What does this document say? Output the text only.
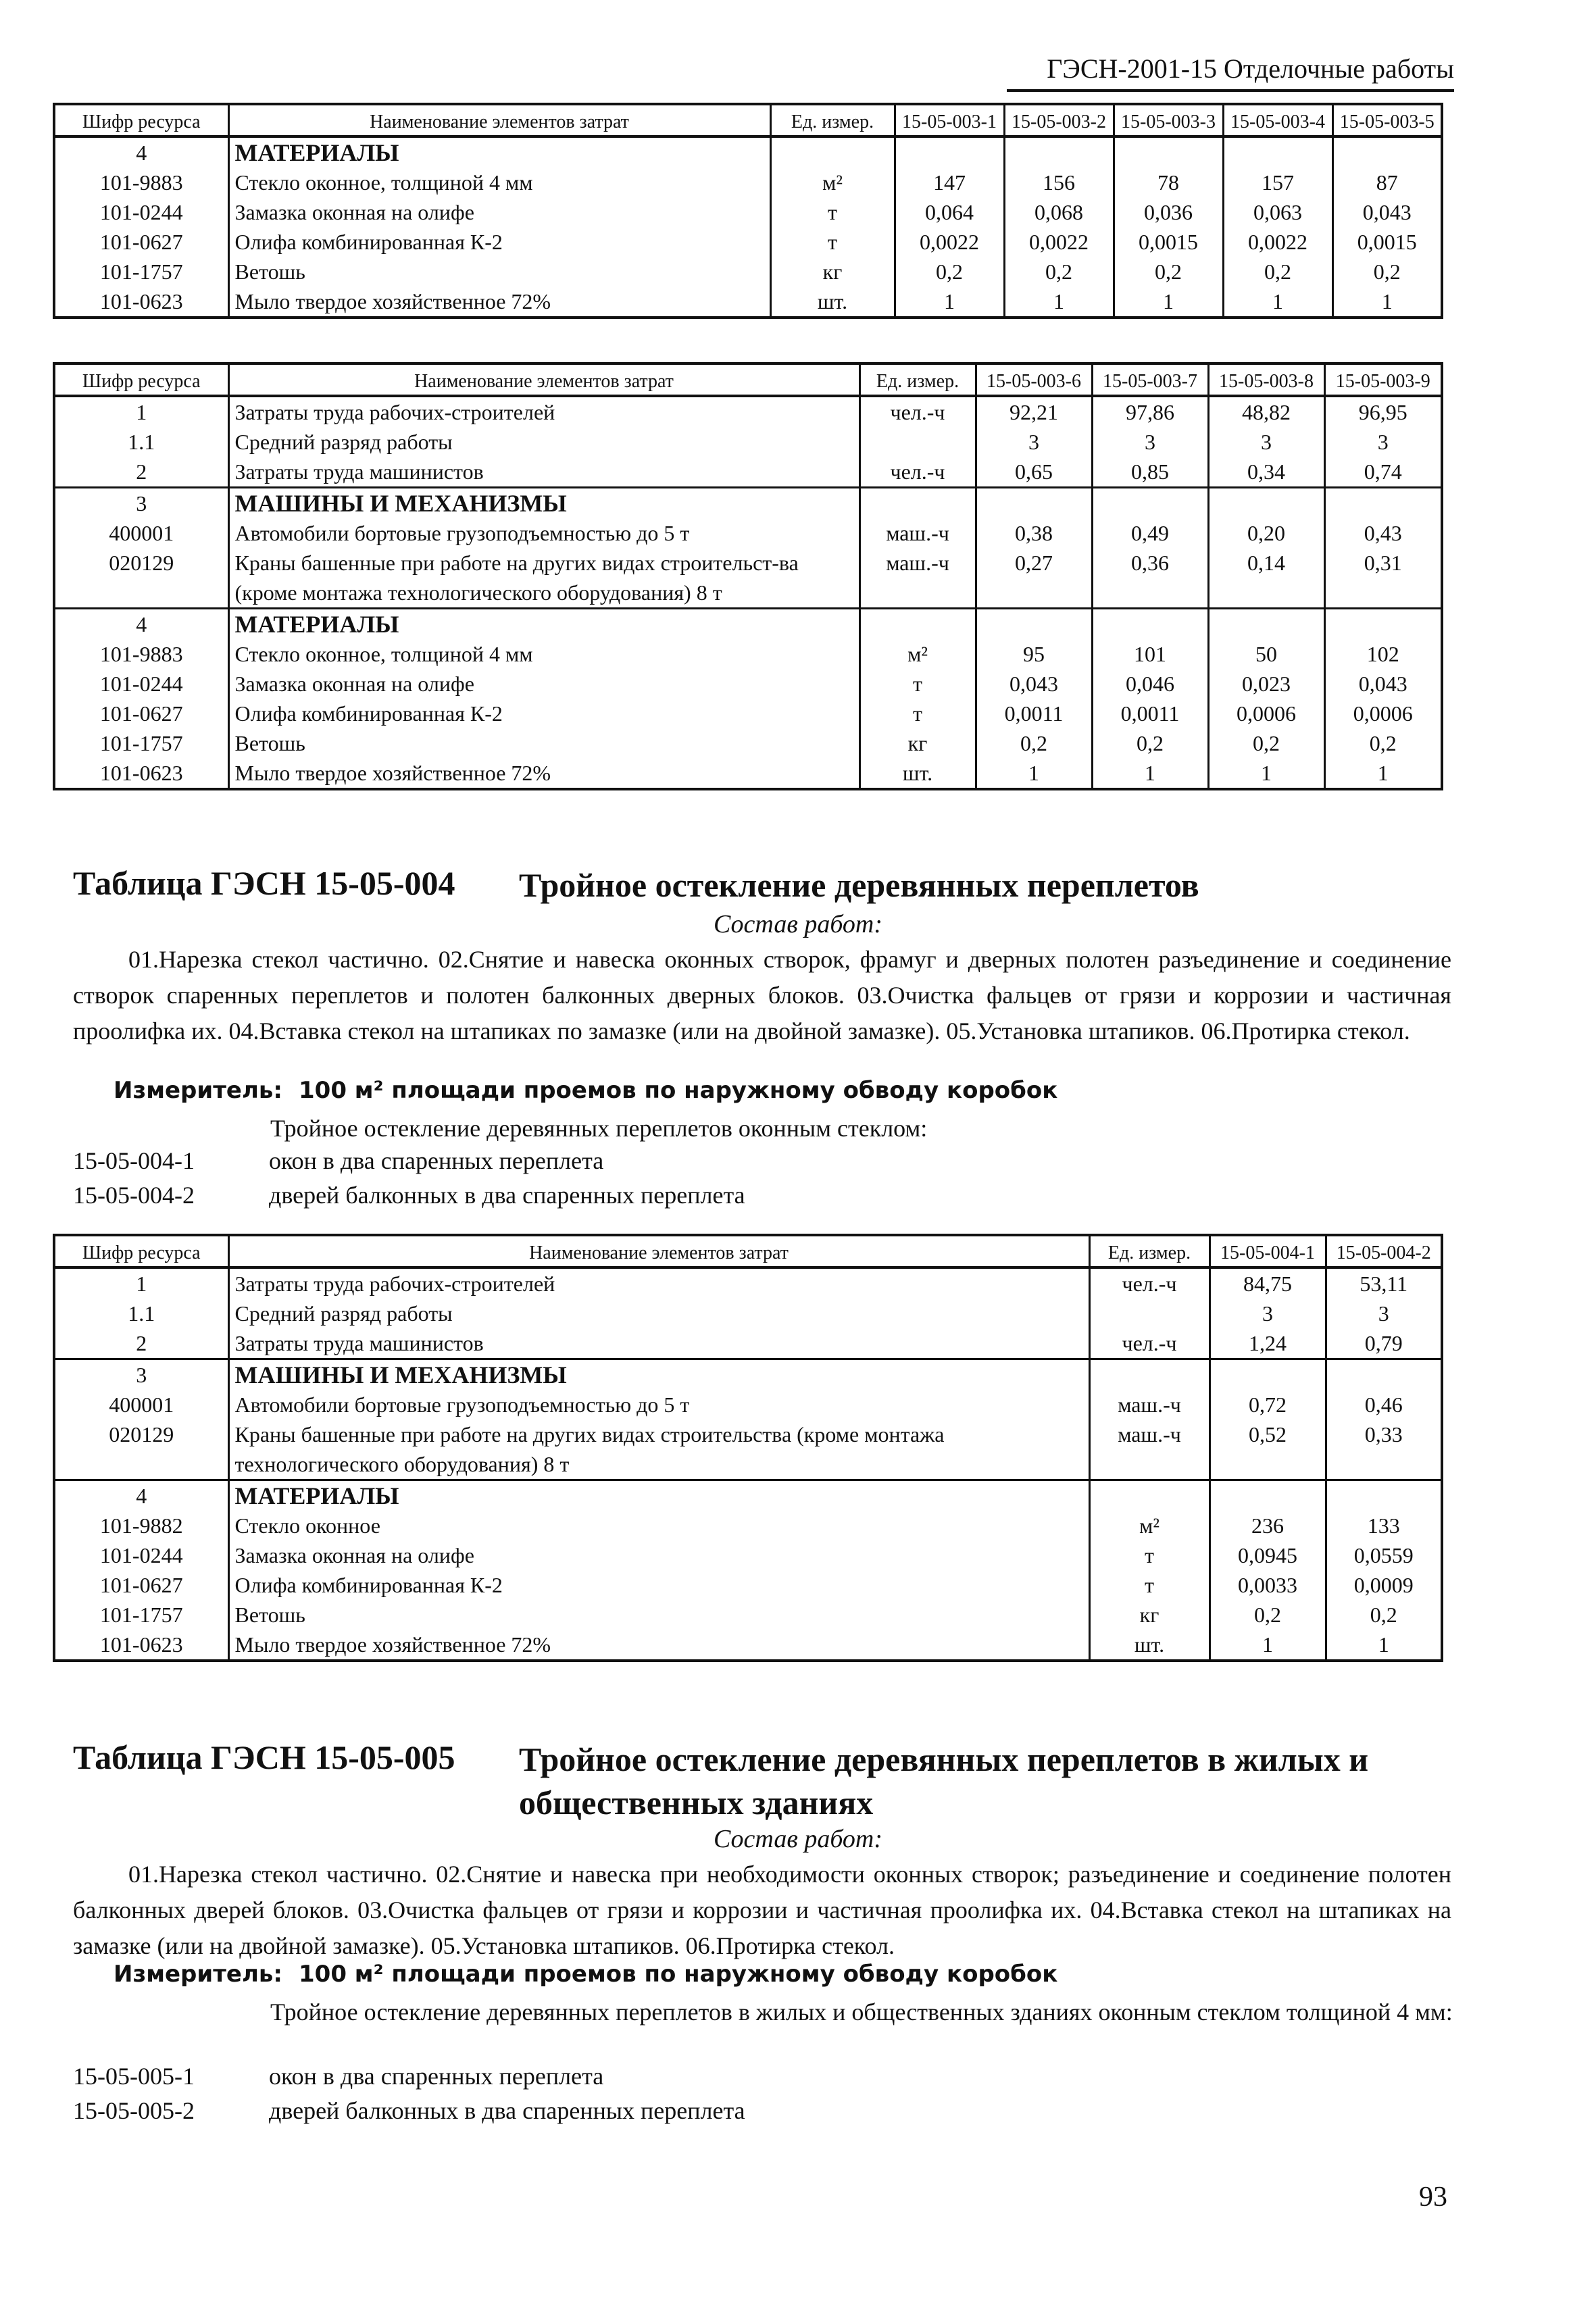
ГЭСН-2001-15 Отделочные работы
Шифр ресурса	Наименование элементов затрат	Ед. измер.	15-05-003-1	15-05-003-2	15-05-003-3	15-05-003-4	15-05-003-5
4	МАТЕРИАЛЫ						
101-9883	Стекло оконное, толщиной 4 мм	м²	147	156	78	157	87
101-0244	Замазка оконная на олифе	т	0,064	0,068	0,036	0,063	0,043
101-0627	Олифа комбинированная К-2	т	0,0022	0,0022	0,0015	0,0022	0,0015
101-1757	Ветошь	кг	0,2	0,2	0,2	0,2	0,2
101-0623	Мыло твердое хозяйственное 72%	шт.	1	1	1	1	1
Шифр ресурса	Наименование элементов затрат	Ед. измер.	15-05-003-6	15-05-003-7	15-05-003-8	15-05-003-9
1	Затраты труда рабочих-строителей	чел.-ч	92,21	97,86	48,82	96,95
1.1	Средний разряд работы		3	3	3	3
2	Затраты труда машинистов	чел.-ч	0,65	0,85	0,34	0,74
3	МАШИНЫ И МЕХАНИЗМЫ					
400001	Автомобили бортовые грузоподъемностью до 5 т	маш.-ч	0,38	0,49	0,20	0,43
020129	Краны башенные при работе на других видах строительст-ва (кроме монтажа технологического оборудования) 8 т	маш.-ч	0,27	0,36	0,14	0,31
4	МАТЕРИАЛЫ					
101-9883	Стекло оконное, толщиной 4 мм	м²	95	101	50	102
101-0244	Замазка оконная на олифе	т	0,043	0,046	0,023	0,043
101-0627	Олифа комбинированная К-2	т	0,0011	0,0011	0,0006	0,0006
101-1757	Ветошь	кг	0,2	0,2	0,2	0,2
101-0623	Мыло твердое хозяйственное 72%	шт.	1	1	1	1
Таблица ГЭСН 15-05-004 Тройное остекление деревянных переплетов
Состав работ:
01.Нарезка стекол частично. 02.Снятие и навеска оконных створок, фрамуг и дверных полотен разъединение и соединение створок спаренных переплетов и полотен балконных дверных блоков. 03.Очистка фальцев от грязи и коррозии и частичная проолифка их. 04.Вставка стекол на штапиках по замазке (или на двойной замазке). 05.Установка штапиков. 06.Протирка стекол.
Измеритель: 100 м² площади проемов по наружному обводу коробок
Тройное остекление деревянных переплетов оконным стеклом:
15-05-004-1	окон в два спаренных переплета
15-05-004-2	дверей балконных в два спаренных переплета
Шифр ресурса	Наименование элементов затрат	Ед. измер.	15-05-004-1	15-05-004-2
1	Затраты труда рабочих-строителей	чел.-ч	84,75	53,11
1.1	Средний разряд работы		3	3
2	Затраты труда машинистов	чел.-ч	1,24	0,79
3	МАШИНЫ И МЕХАНИЗМЫ			
400001	Автомобили бортовые грузоподъемностью до 5 т	маш.-ч	0,72	0,46
020129	Краны башенные при работе на других видах строительства (кроме монтажа технологического оборудования) 8 т	маш.-ч	0,52	0,33
4	МАТЕРИАЛЫ			
101-9882	Стекло оконное	м²	236	133
101-0244	Замазка оконная на олифе	т	0,0945	0,0559
101-0627	Олифа комбинированная К-2	т	0,0033	0,0009
101-1757	Ветошь	кг	0,2	0,2
101-0623	Мыло твердое хозяйственное 72%	шт.	1	1
Таблица ГЭСН 15-05-005 Тройное остекление деревянных переплетов в жилых и общественных зданиях
Состав работ:
01.Нарезка стекол частично. 02.Снятие и навеска при необходимости оконных створок; разъединение и соединение полотен балконных дверей блоков. 03.Очистка фальцев от грязи и коррозии и частичная проолифка их. 04.Вставка стекол на штапиках на замазке (или на двойной замазке). 05.Установка штапиков. 06.Протирка стекол.
Измеритель: 100 м² площади проемов по наружному обводу коробок
Тройное остекление деревянных переплетов в жилых и общественных зданиях оконным стеклом толщиной 4 мм:
15-05-005-1	окон в два спаренных переплета
15-05-005-2	дверей балконных в два спаренных переплета
93
